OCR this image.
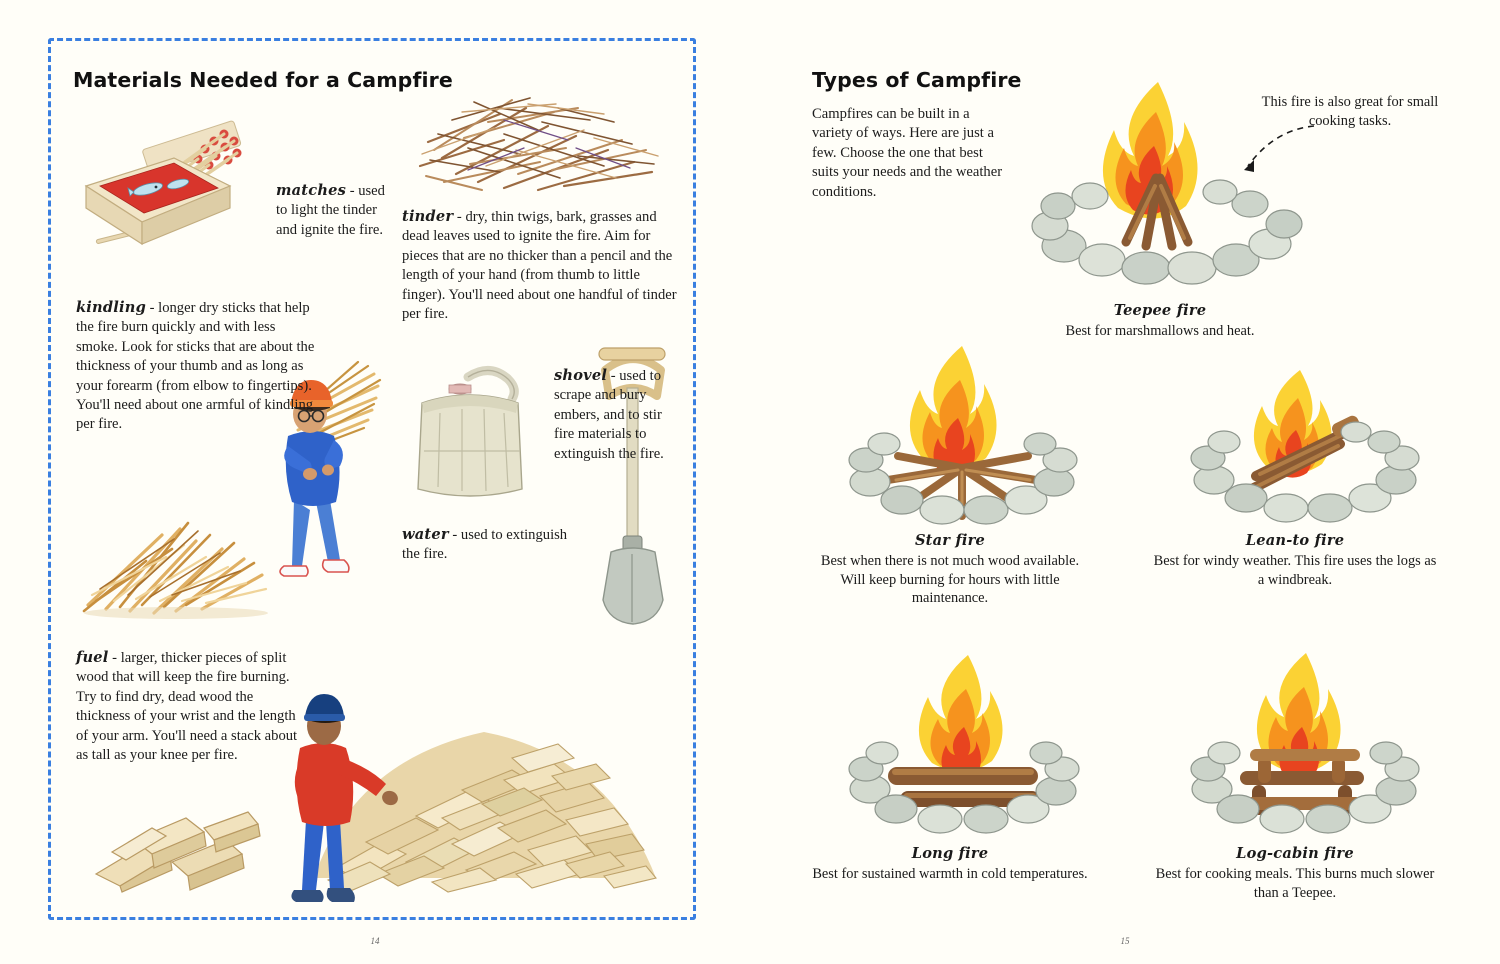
Materials Needed for a Campfire
matches - used to light the tinder and ignite the fire.
tinder - dry, thin twigs, bark, grasses and dead leaves used to ignite the fire. Aim for pieces that are no thicker than a pencil and the length of your hand (from thumb to little finger). You'll need about one handful of tinder per fire.
kindling - longer dry sticks that help the fire burn quickly and with less smoke. Look for sticks that are about the thickness of your thumb and as long as your forearm (from elbow to fingertips). You'll need about one armful of kindling per fire.
shovel - used to scrape and bury embers, and to stir fire materials to extinguish the fire.
water - used to extinguish the fire.
fuel - larger, thicker pieces of split wood that will keep the fire burning. Try to find dry, dead wood the thickness of your wrist and the length of your arm. You'll need a stack about as tall as your knee per fire.
14
Types of Campfire
Campfires can be built in a variety of ways. Here are just a few. Choose the one that best suits your needs and the weather conditions.
This fire is also great for small cooking tasks.
Teepee fire
Best for marshmallows and heat.
Star fire
Best when there is not much wood available. Will keep burning for hours with little maintenance.
Lean-to fire
Best for windy weather. This fire uses the logs as a windbreak.
Long fire
Best for sustained warmth in cold temperatures.
Log-cabin fire
Best for cooking meals. This burns much slower than a Teepee.
15
